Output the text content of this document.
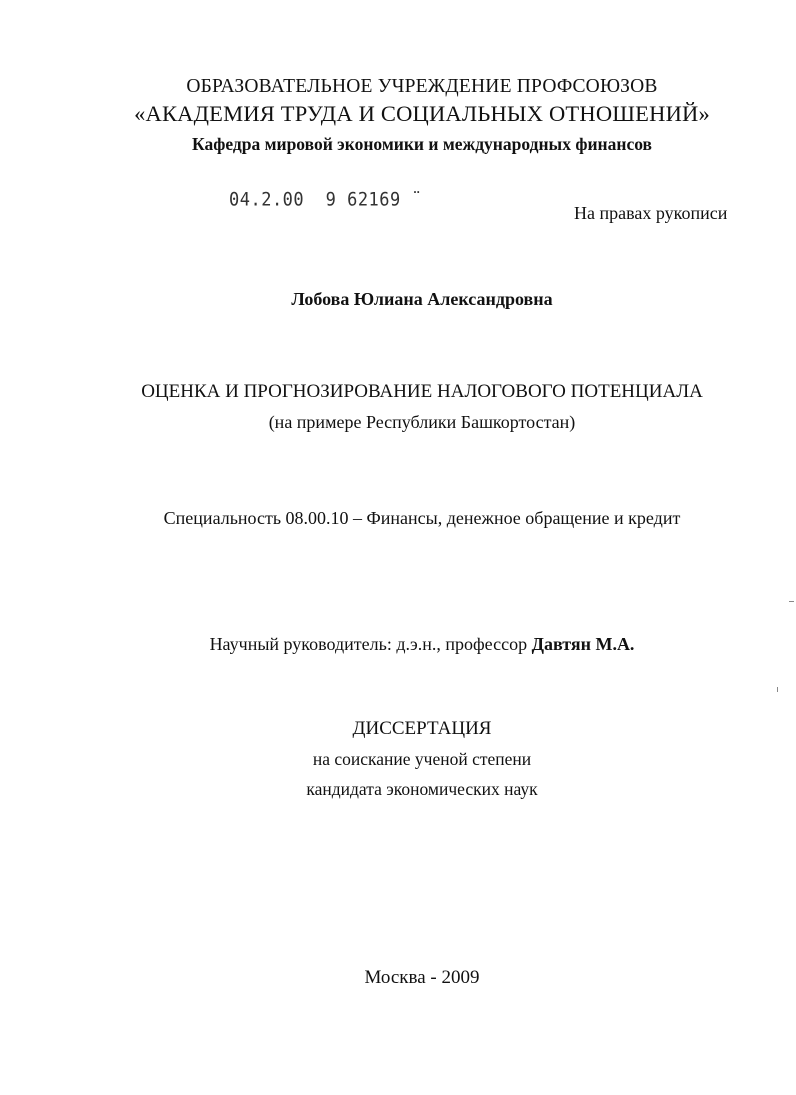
ОБРАЗОВАТЕЛЬНОЕ УЧРЕЖДЕНИЕ ПРОФСОЮЗОВ
«АКАДЕМИЯ ТРУДА И СОЦИАЛЬНЫХ ОТНОШЕНИЙ»
Кафедра мировой экономики и международных финансов
04.2.00  9 62169 ¨
На правах рукописи
Лобова Юлиана Александровна
ОЦЕНКА И ПРОГНОЗИРОВАНИЕ НАЛОГОВОГО ПОТЕНЦИАЛА
(на примере Республики Башкортостан)
Специальность 08.00.10 – Финансы, денежное обращение и кредит
Научный руководитель: д.э.н., профессор Давтян М.А.
ДИССЕРТАЦИЯ
на соискание ученой степени
кандидата экономических наук
Москва - 2009
